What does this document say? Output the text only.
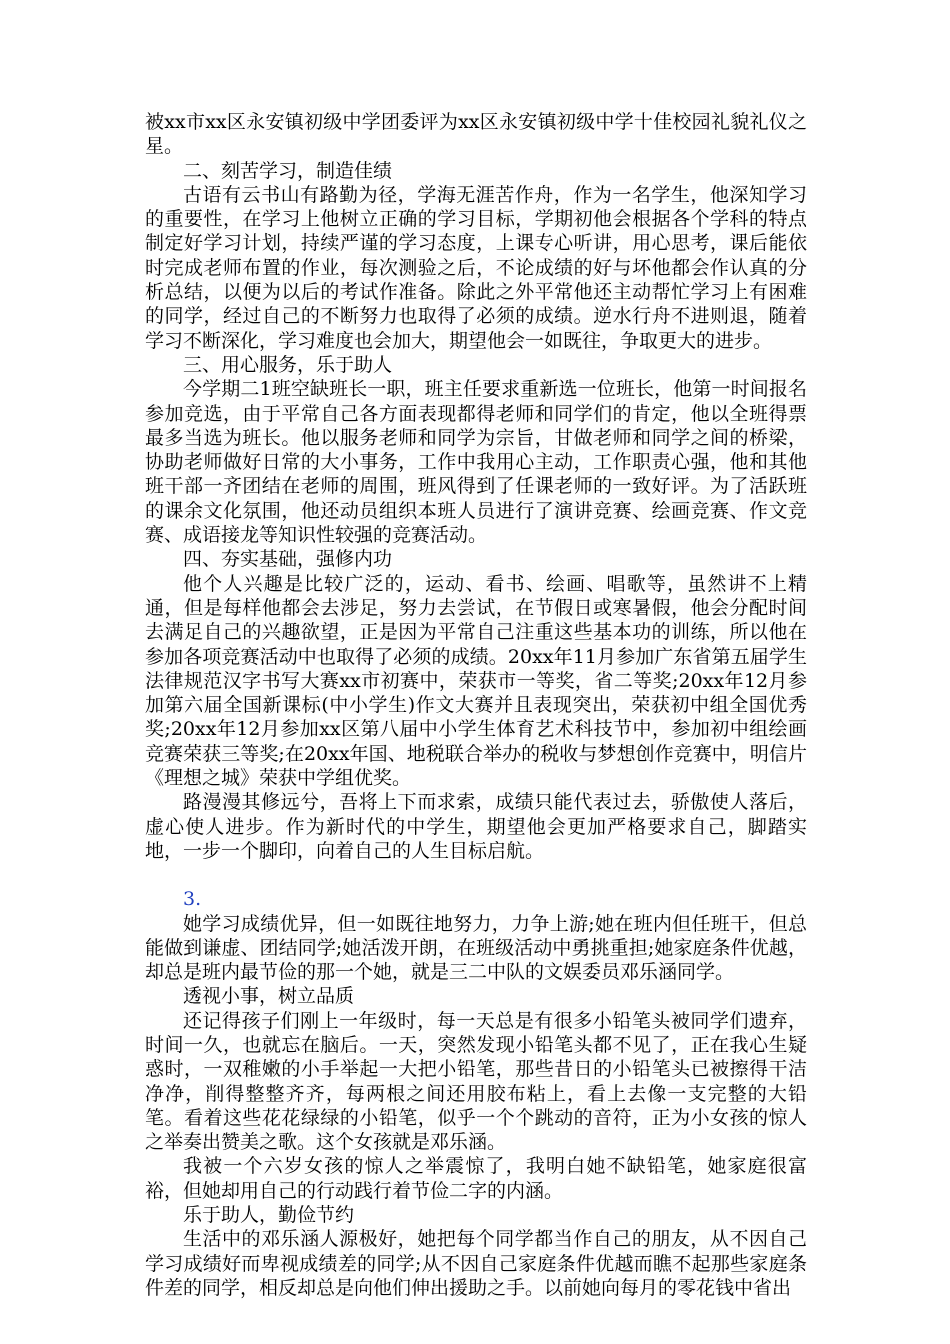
被xx市xx区永安镇初级中学团委评为xx区永安镇初级中学十佳校园礼貌礼仪之星。

二、刻苦学习，制造佳绩

古语有云书山有路勤为径，学海无涯苦作舟，作为一名学生，他深知学习的重要性，在学习上他树立正确的学习目标，学期初他会根据各个学科的特点制定好学习计划，持续严谨的学习态度，上课专心听讲，用心思考，课后能依时完成老师布置的作业，每次测验之后，不论成绩的好与坏他都会作认真的分析总结，以便为以后的考试作准备。除此之外平常他还主动帮忙学习上有困难的同学，经过自己的不断努力也取得了必须的成绩。逆水行舟不进则退，随着学习不断深化，学习难度也会加大，期望他会一如既往，争取更大的进步。

三、用心服务，乐于助人

今学期二1班空缺班长一职，班主任要求重新选一位班长，他第一时间报名参加竞选，由于平常自己各方面表现都得老师和同学们的肯定，他以全班得票最多当选为班长。他以服务老师和同学为宗旨，甘做老师和同学之间的桥梁，协助老师做好日常的大小事务，工作中我用心主动，工作职责心强，他和其他班干部一齐团结在老师的周围，班风得到了任课老师的一致好评。为了活跃班的课余文化氛围，他还动员组织本班人员进行了演讲竞赛、绘画竞赛、作文竞赛、成语接龙等知识性较强的竞赛活动。

四、夯实基础，强修内功

他个人兴趣是比较广泛的，运动、看书、绘画、唱歌等，虽然讲不上精通，但是每样他都会去涉足，努力去尝试，在节假日或寒暑假，他会分配时间去满足自己的兴趣欲望，正是因为平常自己注重这些基本功的训练，所以他在参加各项竞赛活动中也取得了必须的成绩。20xx年11月参加广东省第五届学生法律规范汉字书写大赛xx市初赛中，荣获市一等奖，省二等奖;20xx年12月参加第六届全国新课标(中小学生)作文大赛并且表现突出，荣获初中组全国优秀奖;20xx年12月参加xx区第八届中小学生体育艺术科技节中，参加初中组绘画竞赛荣获三等奖;在20xx年国、地税联合举办的税收与梦想创作竞赛中，明信片《理想之城》荣获中学组优奖。

路漫漫其修远兮，吾将上下而求索，成绩只能代表过去，骄傲使人落后，虚心使人进步。作为新时代的中学生，期望他会更加严格要求自己，脚踏实地，一步一个脚印，向着自己的人生目标启航。

3.

她学习成绩优异，但一如既往地努力，力争上游;她在班内但任班干，但总能做到谦虚、团结同学;她活泼开朗，在班级活动中勇挑重担;她家庭条件优越，却总是班内最节俭的那一个她，就是三二中队的文娱委员邓乐涵同学。

透视小事，树立品质

还记得孩子们刚上一年级时，每一天总是有很多小铅笔头被同学们遗弃，时间一久，也就忘在脑后。一天，突然发现小铅笔头都不见了，正在我心生疑惑时，一双稚嫩的小手举起一大把小铅笔，那些昔日的小铅笔头已被擦得干洁净净，削得整整齐齐，每两根之间还用胶布粘上，看上去像一支完整的大铅笔。看着这些花花绿绿的小铅笔，似乎一个个跳动的音符，正为小女孩的惊人之举奏出赞美之歌。这个女孩就是邓乐涵。

我被一个六岁女孩的惊人之举震惊了，我明白她不缺铅笔，她家庭很富裕，但她却用自己的行动践行着节俭二字的内涵。

乐于助人，勤俭节约

生活中的邓乐涵人源极好，她把每个同学都当作自己的朋友，从不因自己学习成绩好而卑视成绩差的同学;从不因自己家庭条件优越而瞧不起那些家庭条件差的同学，相反却总是向他们伸出援助之手。以前她向每月的零花钱中省出
